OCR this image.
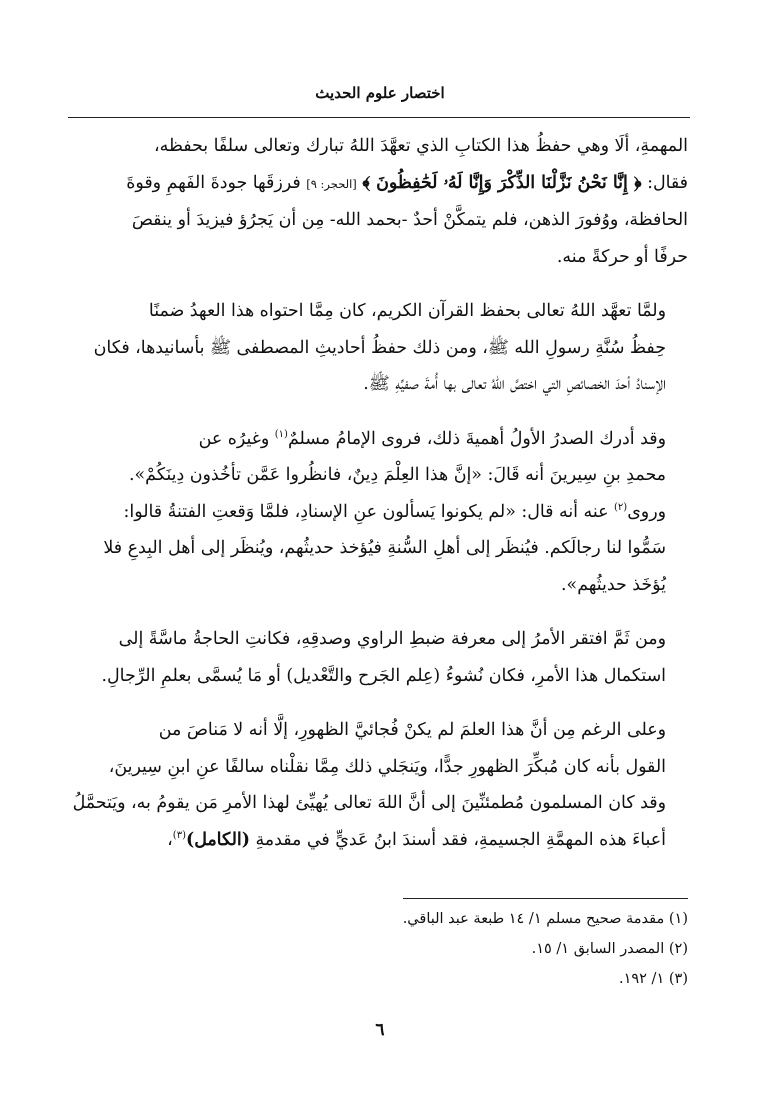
اختصار علوم الحديث

المهمةِ، ألَا وهي حفظُ هذا الكتابِ الذي تعهَّدَ اللهُ تبارك وتعالى سلفًا بحفظه،
فقال: ﴿ إِنَّا نَحْنُ نَزَّلْنَا الذِّكْرَ وَإِنَّا لَهُۥ لَحَٰفِظُونَ ﴾ [الحجر: ٩] فرزقَها جودةَ الفَهمِ وقوةَ
الحافظة، ووُفورَ الذهن، فلم يتمكَّنْ أحدٌ -بحمد الله- مِن أن يَجرُؤ فيزيدَ أو ينقصَ
حرفًا أو حركةً منه.

ولمَّا تعهَّد اللهُ تعالى بحفظ القرآن الكريم، كان مِمَّا احتواه هذا العهدُ ضمنًا
حِفظُ سُنَّةِ رسولِ الله ﷺ، ومن ذلك حفظُ أحاديثِ المصطفى ﷺ بأسانيدها، فكان
الإسنادُ أحدَ الخصائصِ التي اختصَّ اللهُ تعالى بها أُمةَ صفيِّهِ ﷺ.

وقد أدرك الصدرُ الأولُ أهميةَ ذلك، فروى الإمامُ مسلمٌ$^{(١)}$ وغيرُه عن
محمدِ بنِ سِيرينَ أنه قَالَ: «إنَّ هذا العِلْمَ دِينٌ، فانظُروا عَمَّن تأخُذون دِينَكُمْ».
وروى$^{(٢)}$ عنه أنه قال: «لم يكونوا يَسألون عنِ الإسنادِ، فلمَّا وَقعتِ الفتنةُ قالوا:
سَمُّوا لنا رجالَكم. فيُنظَر إلى أهلِ السُّنةِ فيُؤخذ حديثُهم، ويُنظَر إلى أهل البِدعِ فلا
يُؤخَذ حديثُهم».

ومن ثَمَّ افتقر الأمرُ إلى معرفة ضبطِ الراوي وصدقِهِ، فكانتِ الحاجةُ ماسَّةً إلى
استكمال هذا الأمرِ، فكان نُشوءُ (عِلم الجَرح والتَّعْديل) أو مَا يُسمَّى بعلمِ الرِّجالِ.

وعلى الرغم مِن أنَّ هذا العلمَ لم يكنْ فُجائيَّ الظهورِ، إلَّا أنه لا مَناصَ من
القول بأنه كان مُبكِّرَ الظهورِ جدًّا، ويَنجَلي ذلك مِمَّا نقلْناه سالفًا عنِ ابنِ سِيرينَ،
وقد كان المسلمون مُطمئنِّينَ إلى أنَّ اللهَ تعالى يُهيِّئ لهذا الأمرِ مَن يقومُ به، ويَتحمَّلُ
أعباءَ هذه المهمَّةِ الجسيمةِ، فقد أسندَ ابنُ عَديٍّ في مقدمةِ (الكامل)$^{(٣)}$،

(١) مقدمة صحيح مسلم ١/ ١٤ طبعة عبد الباقي.
(٢) المصدر السابق ١/ ١٥.
(٣) ١/ ١٩٢.
٦
